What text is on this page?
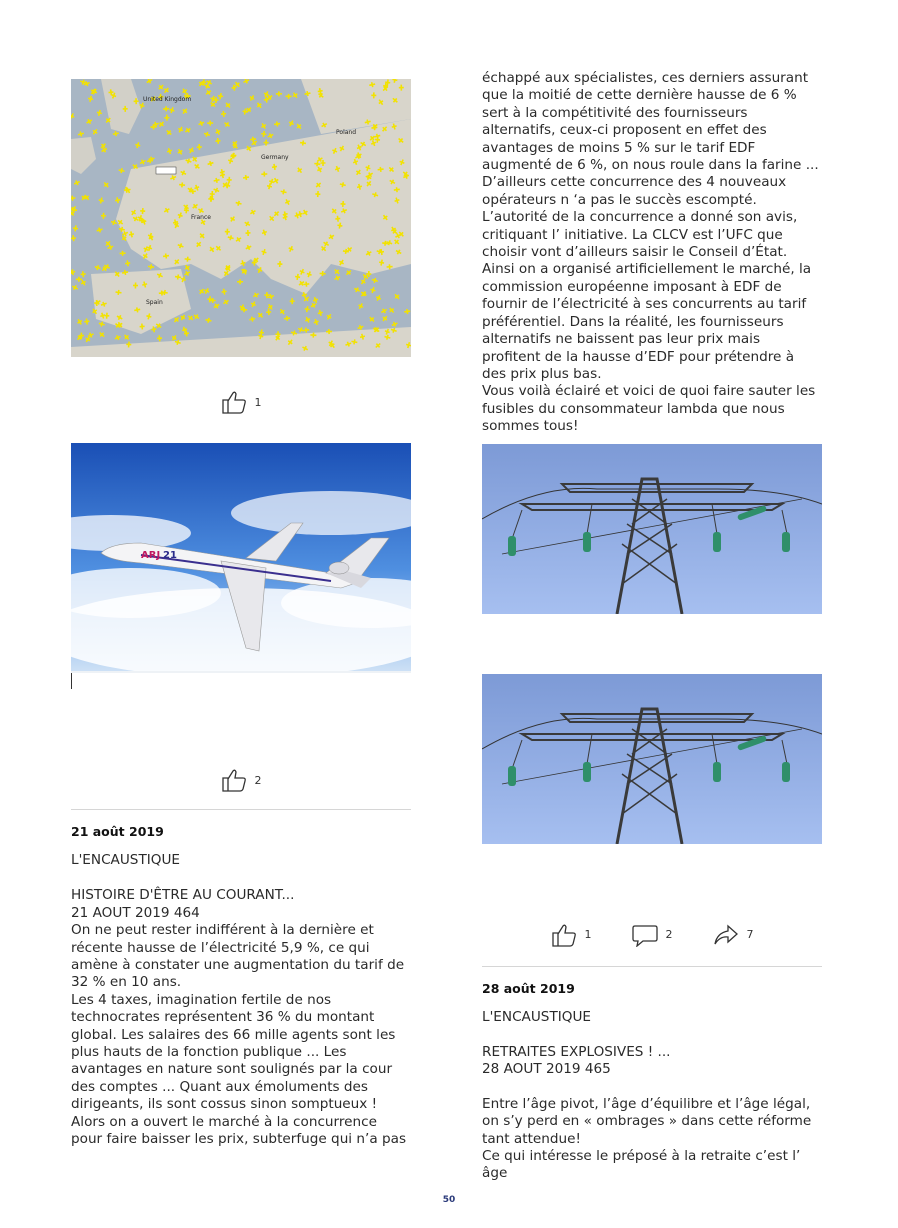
United Kingdom
Poland
Germany
France
Spain
1
ARJ 21
2
21 août 2019
L'ENCAUSTIQUE
HISTOIRE D'ÊTRE AU COURANT...
21 AOUT 2019 464

On ne peut rester indifférent à la dernière et récente hausse de l’électricité 5,9 %, ce qui amène à constater une augmentation du tarif de 32 % en 10 ans.
Les 4 taxes, imagination fertile de nos technocrates représentent 36 % du montant global. Les salaires des 66 mille agents sont les plus hauts de la fonction publique ... Les avantages en nature sont soulignés par la cour des comptes ... Quant aux émoluments des dirigeants, ils sont cossus sinon somptueux !
Alors on a ouvert le marché à la concurrence pour faire baisser les prix, subterfuge qui n’a pas

échappé aux spécialistes, ces derniers assurant que la moitié de cette dernière hausse de 6 % sert à la compétitivité des fournisseurs alternatifs, ceux-ci proposent en effet des avantages de moins 5 % sur le tarif EDF augmenté de 6 %, on nous roule dans la farine ... D’ailleurs cette concurrence des 4 nouveaux opérateurs n ‘a pas le succès escompté. L’autorité de la concurrence a donné son avis, critiquant l’ initiative. La CLCV est l’UFC que choisir vont d’ailleurs saisir le Conseil d’État.
Ainsi on a organisé artificiellement le marché, la commission européenne imposant à EDF de fournir de l’électricité à ses concurrents au tarif préférentiel. Dans la réalité, les fournisseurs alternatifs ne baissent pas leur prix mais profitent de la hausse d’EDF pour prétendre à des prix plus bas.
Vous voilà éclairé et voici de quoi faire sauter les fusibles du consommateur lambda que nous sommes tous!

1	2	7
28 août 2019
L'ENCAUSTIQUE
RETRAITES EXPLOSIVES ! ...
28 AOUT 2019 465

Entre l’âge pivot, l’âge d’équilibre et l’âge légal, on s’y perd en « ombrages » dans cette réforme tant attendue!
Ce qui intéresse le préposé à la retraite c’est l’ âge

50
